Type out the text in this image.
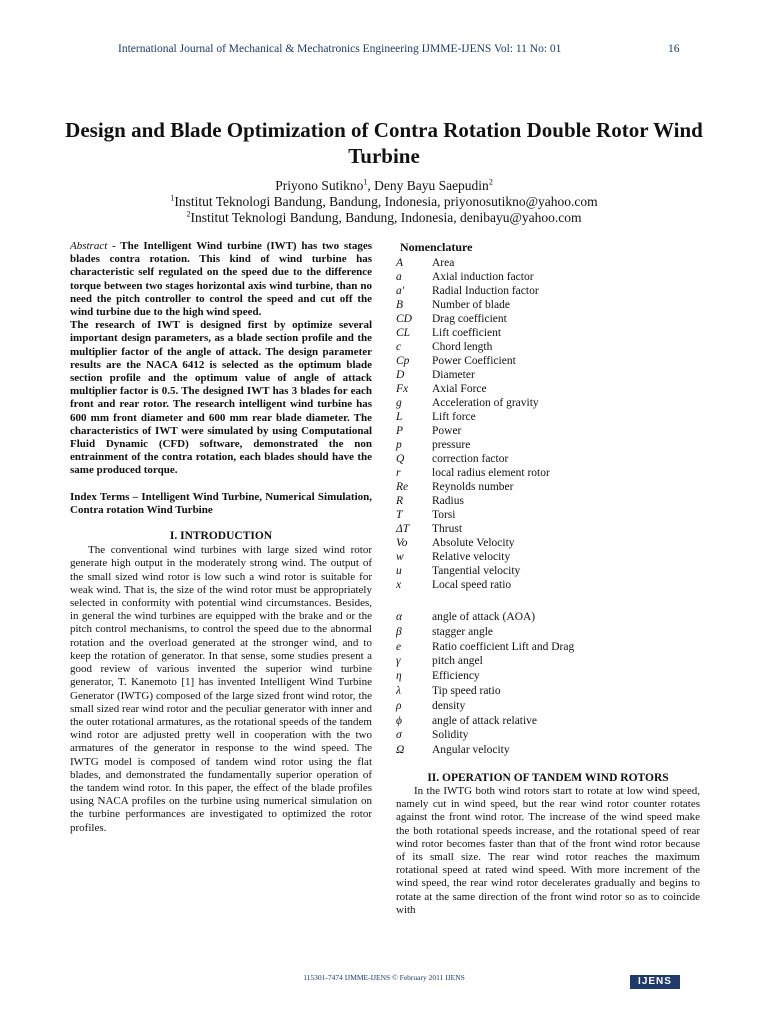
International Journal of Mechanical & Mechatronics Engineering IJMME-IJENS Vol: 11 No: 01	16
Design and Blade Optimization of Contra Rotation Double Rotor Wind Turbine
Priyono Sutikno$^1$, Deny Bayu Saepudin$^2$
$^1$Institut Teknologi Bandung, Bandung, Indonesia, priyonosutikno@yahoo.com
$^2$Institut Teknologi Bandung, Bandung, Indonesia, denibayu@yahoo.com

Abstract - The Intelligent Wind turbine (IWT) has two stages blades contra rotation. This kind of wind turbine has characteristic self regulated on the speed due to the difference torque between two stages horizontal axis wind turbine, than no need the pitch controller to control the speed and cut off the wind turbine due to the high wind speed.

The research of IWT is designed first by optimize several important design parameters, as a blade section profile and the multiplier factor of the angle of attack. The design parameter results are the NACA 6412 is selected as the optimum blade section profile and the optimum value of angle of attack multiplier factor is 0.5. The designed IWT has 3 blades for each front and rear rotor. The research intelligent wind turbine has 600 mm front diameter and 600 mm rear blade diameter. The characteristics of IWT were simulated by using Computational Fluid Dynamic (CFD) software, demonstrated the non entrainment of the contra rotation, each blades should have the same produced torque.

Index Terms – Intelligent Wind Turbine, Numerical Simulation, Contra rotation Wind Turbine
I. INTRODUCTION

The conventional wind turbines with large sized wind rotor generate high output in the moderately strong wind. The output of the small sized wind rotor is low such a wind rotor is suitable for weak wind. That is, the size of the wind rotor must be appropriately selected in conformity with potential wind circumstances. Besides, in general the wind turbines are equipped with the brake and or the pitch control mechanisms, to control the speed due to the abnormal rotation and the overload generated at the stronger wind, and to keep the rotation of generator. In that sense, some studies present a good review of various invented the superior wind turbine generator, T. Kanemoto [1] has invented Intelligent Wind Turbine Generator (IWTG) composed of the large sized front wind rotor, the small sized rear wind rotor and the peculiar generator with inner and the outer rotational armatures, as the rotational speeds of the tandem wind rotor are adjusted pretty well in cooperation with the two armatures of the generator in response to the wind speed. The IWTG model is composed of tandem wind rotor using the flat blades, and demonstrated the fundamentally superior operation of the tandem wind rotor. In this paper, the effect of the blade profiles using NACA profiles on the turbine using numerical simulation on the turbine performances are investigated to optimized the rotor profiles.

Nomenclature
A	Area
a	Axial induction factor
a'	Radial Induction factor
B	Number of blade
CD	Drag coefficient
CL	Lift coefficient
c	Chord length
Cp	Power Coefficient
D	Diameter
Fx	Axial Force
g	Acceleration of gravity
L	Lift force
P	Power
p	pressure
Q	correction factor
r	local radius element rotor
Re	Reynolds number
R	Radius
T	Torsi
ΔT	Thrust
Vo	Absolute Velocity
w	Relative velocity
u	Tangential velocity
x	Local speed ratio
α	angle of attack (AOA)
β	stagger angle
e	Ratio coefficient Lift and Drag
γ	pitch angel
η	Efficiency
λ	Tip speed ratio
ρ	density
ϕ	angle of attack relative
σ	Solidity
Ω	Angular velocity
II. OPERATION OF TANDEM WIND ROTORS

In the IWTG both wind rotors start to rotate at low wind speed, namely cut in wind speed, but the rear wind rotor counter rotates against the front wind rotor. The increase of the wind speed make the both rotational speeds increase, and the rotational speed of rear wind rotor becomes faster than that of the front wind rotor because of its small size. The rear wind rotor reaches the maximum rotational speed at rated wind speed. With more increment of the wind speed, the rear wind rotor decelerates gradually and begins to rotate at the same direction of the front wind rotor so as to coincide with

115301-7474 IJMME-IJENS © February 2011 IJENS	IJENS
